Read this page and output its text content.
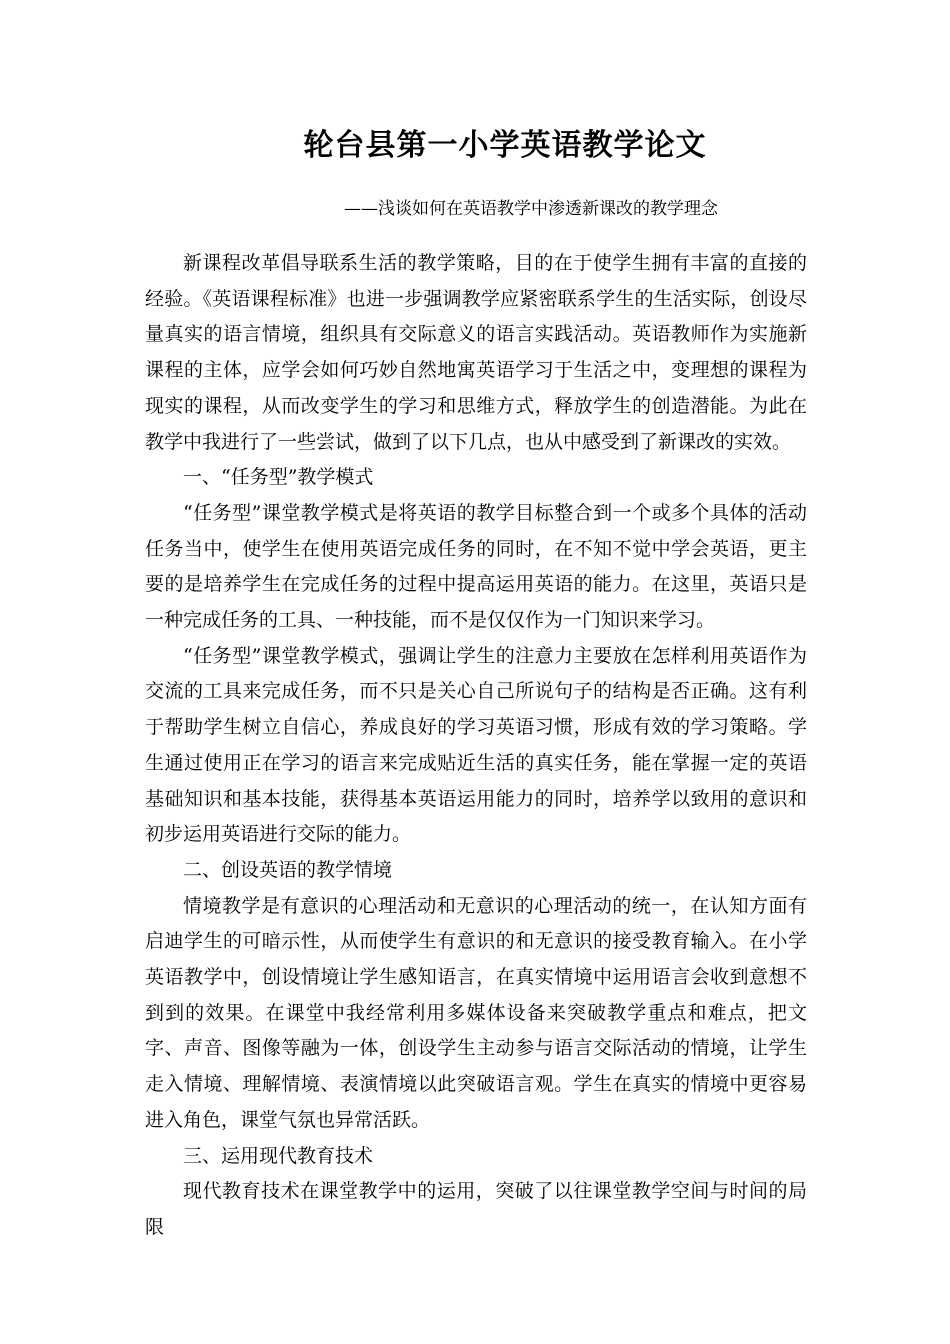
轮台县第一小学英语教学论文

——浅谈如何在英语教学中渗透新课改的教学理念

新课程改革倡导联系生活的教学策略，目的在于使学生拥有丰富的直接的经验。《英语课程标准》也进一步强调教学应紧密联系学生的生活实际，创设尽量真实的语言情境，组织具有交际意义的语言实践活动。英语教师作为实施新课程的主体，应学会如何巧妙自然地寓英语学习于生活之中，变理想的课程为现实的课程，从而改变学生的学习和思维方式，释放学生的创造潜能。为此在教学中我进行了一些尝试，做到了以下几点，也从中感受到了新课改的实效。

一、“任务型”教学模式

“任务型”课堂教学模式是将英语的教学目标整合到一个或多个具体的活动任务当中，使学生在使用英语完成任务的同时，在不知不觉中学会英语，更主要的是培养学生在完成任务的过程中提高运用英语的能力。在这里，英语只是一种完成任务的工具、一种技能，而不是仅仅作为一门知识来学习。

“任务型”课堂教学模式，强调让学生的注意力主要放在怎样利用英语作为交流的工具来完成任务，而不只是关心自己所说句子的结构是否正确。这有利于帮助学生树立自信心，养成良好的学习英语习惯，形成有效的学习策略。学生通过使用正在学习的语言来完成贴近生活的真实任务，能在掌握一定的英语基础知识和基本技能，获得基本英语运用能力的同时，培养学以致用的意识和初步运用英语进行交际的能力。

二、创设英语的教学情境

情境教学是有意识的心理活动和无意识的心理活动的统一，在认知方面有启迪学生的可暗示性，从而使学生有意识的和无意识的接受教育输入。在小学英语教学中，创设情境让学生感知语言，在真实情境中运用语言会收到意想不到到的效果。在课堂中我经常利用多媒体设备来突破教学重点和难点，把文字、声音、图像等融为一体，创设学生主动参与语言交际活动的情境，让学生走入情境、理解情境、表演情境以此突破语言观。学生在真实的情境中更容易进入角色，课堂气氛也异常活跃。

三、运用现代教育技术

现代教育技术在课堂教学中的运用，突破了以往课堂教学空间与时间的局限
